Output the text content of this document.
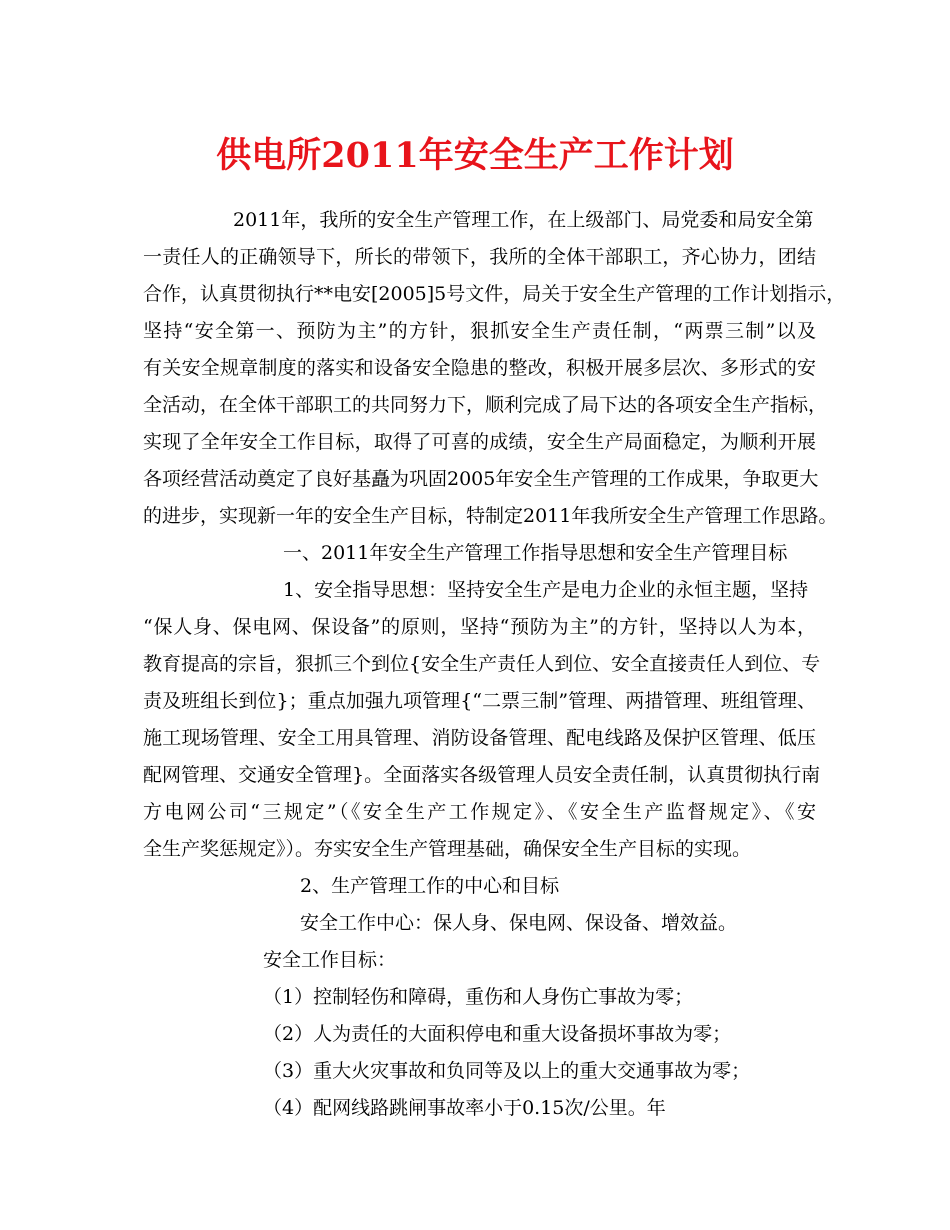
供电所2011年安全生产工作计划

2011年，我所的安全生产管理工作，在上级部门、局党委和局安全第

一责任人的正确领导下，所长的带领下，我所的全体干部职工，齐心协力，团结

合作，认真贯彻执行**电安[2005]5号文件，局关于安全生产管理的工作计划指示，

坚持“安全第一、预防为主”的方针，狠抓安全生产责任制，“两票三制”以及

有关安全规章制度的落实和设备安全隐患的整改，积极开展多层次、多形式的安

全活动，在全体干部职工的共同努力下，顺利完成了局下达的各项安全生产指标，

实现了全年安全工作目标，取得了可喜的成绩，安全生产局面稳定，为顺利开展

各项经营活动奠定了良好基矗为巩固2005年安全生产管理的工作成果，争取更大

的进步，实现新一年的安全生产目标，特制定2011年我所安全生产管理工作思路。

一、2011年安全生产管理工作指导思想和安全生产管理目标

1、安全指导思想：坚持安全生产是电力企业的永恒主题，坚持

“保人身、保电网、保设备”的原则，坚持“预防为主”的方针，坚持以人为本，

教育提高的宗旨，狠抓三个到位{安全生产责任人到位、安全直接责任人到位、专

责及班组长到位}；重点加强九项管理{“二票三制”管理、两措管理、班组管理、

施工现场管理、安全工用具管理、消防设备管理、配电线路及保护区管理、低压

配网管理、交通安全管理}。全面落实各级管理人员安全责任制，认真贯彻执行南

方电网公司“三规定”（《安全生产工作规定》、《安全生产监督规定》、《安

全生产奖惩规定》）。夯实安全生产管理基础，确保安全生产目标的实现。

2、生产管理工作的中心和目标

安全工作中心：保人身、保电网、保设备、增效益。

安全工作目标：

（1）控制轻伤和障碍，重伤和人身伤亡事故为零；

（2）人为责任的大面积停电和重大设备损坏事故为零；

（3）重大火灾事故和负同等及以上的重大交通事故为零；

（4）配网线路跳闸事故率小于0.15次/公里。年
